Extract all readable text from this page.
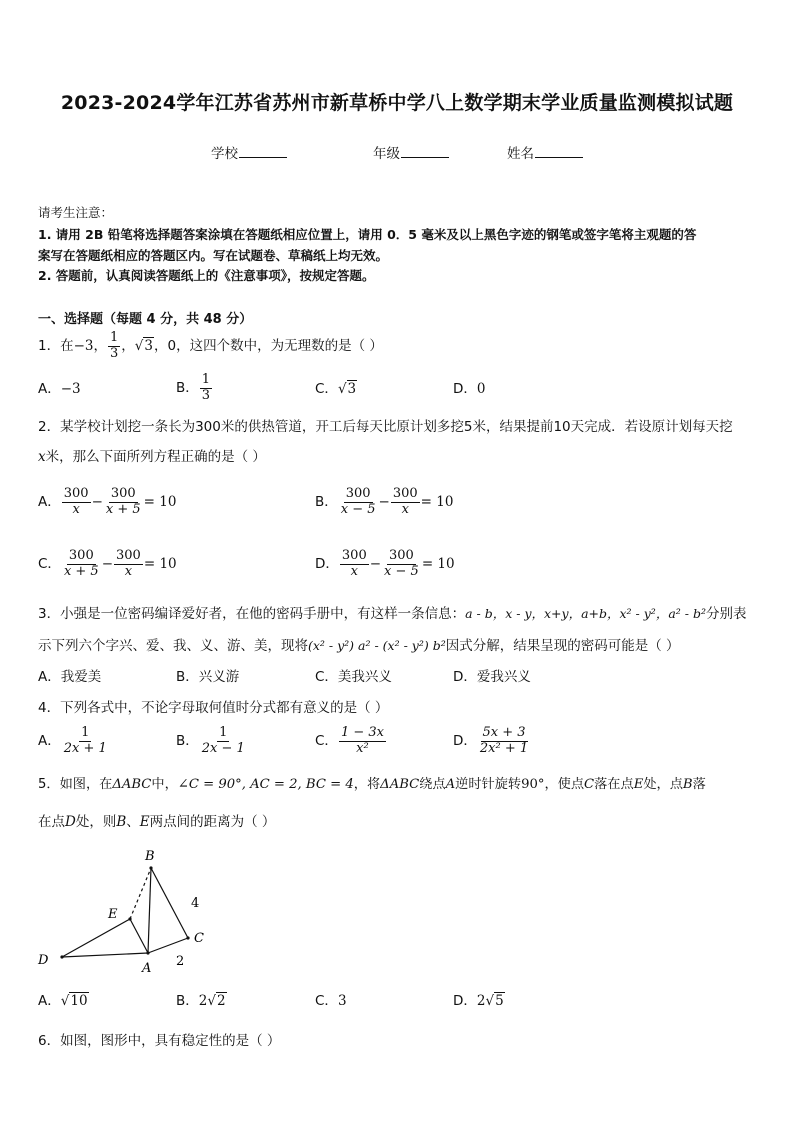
2023-2024学年江苏省苏州市新草桥中学八上数学期末学业质量监测模拟试题
学校	年级	姓名
请考生注意：
1. 请用 2B 铅笔将选择题答案涂填在答题纸相应位置上，请用 0．5 毫米及以上黑色字迹的钢笔或签字笔将主观题的答
案写在答题纸相应的答题区内。写在试题卷、草稿纸上均无效。
2. 答题前，认真阅读答题纸上的《注意事项》，按规定答题。
一、选择题（每题 4 分，共 48 分）
1．在−3， $\frac{1}{3}$ ，√3，0，这四个数中，为无理数的是（ ）
A．−3	B． $\frac{1}{3}$	C．√3	D．0
2．某学校计划挖一条长为300米的供热管道，开工后每天比原计划多挖5米，结果提前10天完成．若设原计划每天挖
x米，那么下面所列方程正确的是（ ）
A． $\frac{300}{x} - \frac{300}{x + 5} = 10$	B． $\frac{300}{x - 5} - \frac{300}{x} = 10$
C． $\frac{300}{x + 5} - \frac{300}{x} = 10$	D． $\frac{300}{x} - \frac{300}{x - 5} = 10$
3．小强是一位密码编译爱好者，在他的密码手册中，有这样一条信息：a - b，x - y，x+y，a+b，x² - y²，a² - b²分别表
示下列六个字兴、爱、我、义、游、美，现将(x² - y²) a² - (x² - y²) b²因式分解，结果呈现的密码可能是（ ）
A．我爱美	B．兴义游	C．美我兴义	D．爱我兴义
4．下列各式中，不论字母取何值时分式都有意义的是（ ）
A． $\frac{1}{2x + 1}$	B． $\frac{1}{2x - 1}$	C． $\frac{1 - 3x}{\text{x²}}$	D． $\frac{5x + 3}{\text{2x² + 1}}$
5．如图，在ΔABC中，∠C = 90°, AC = 2, BC = 4，将ΔABC绕点A逆时针旋转90°，使点C落在点E处，点B落
在点D处，则B、E两点间的距离为（ ）
B
E
C
D
A
4
2
A．√10	B．2√2	C．3	D．2√5
6．如图，图形中，具有稳定性的是（ ）
